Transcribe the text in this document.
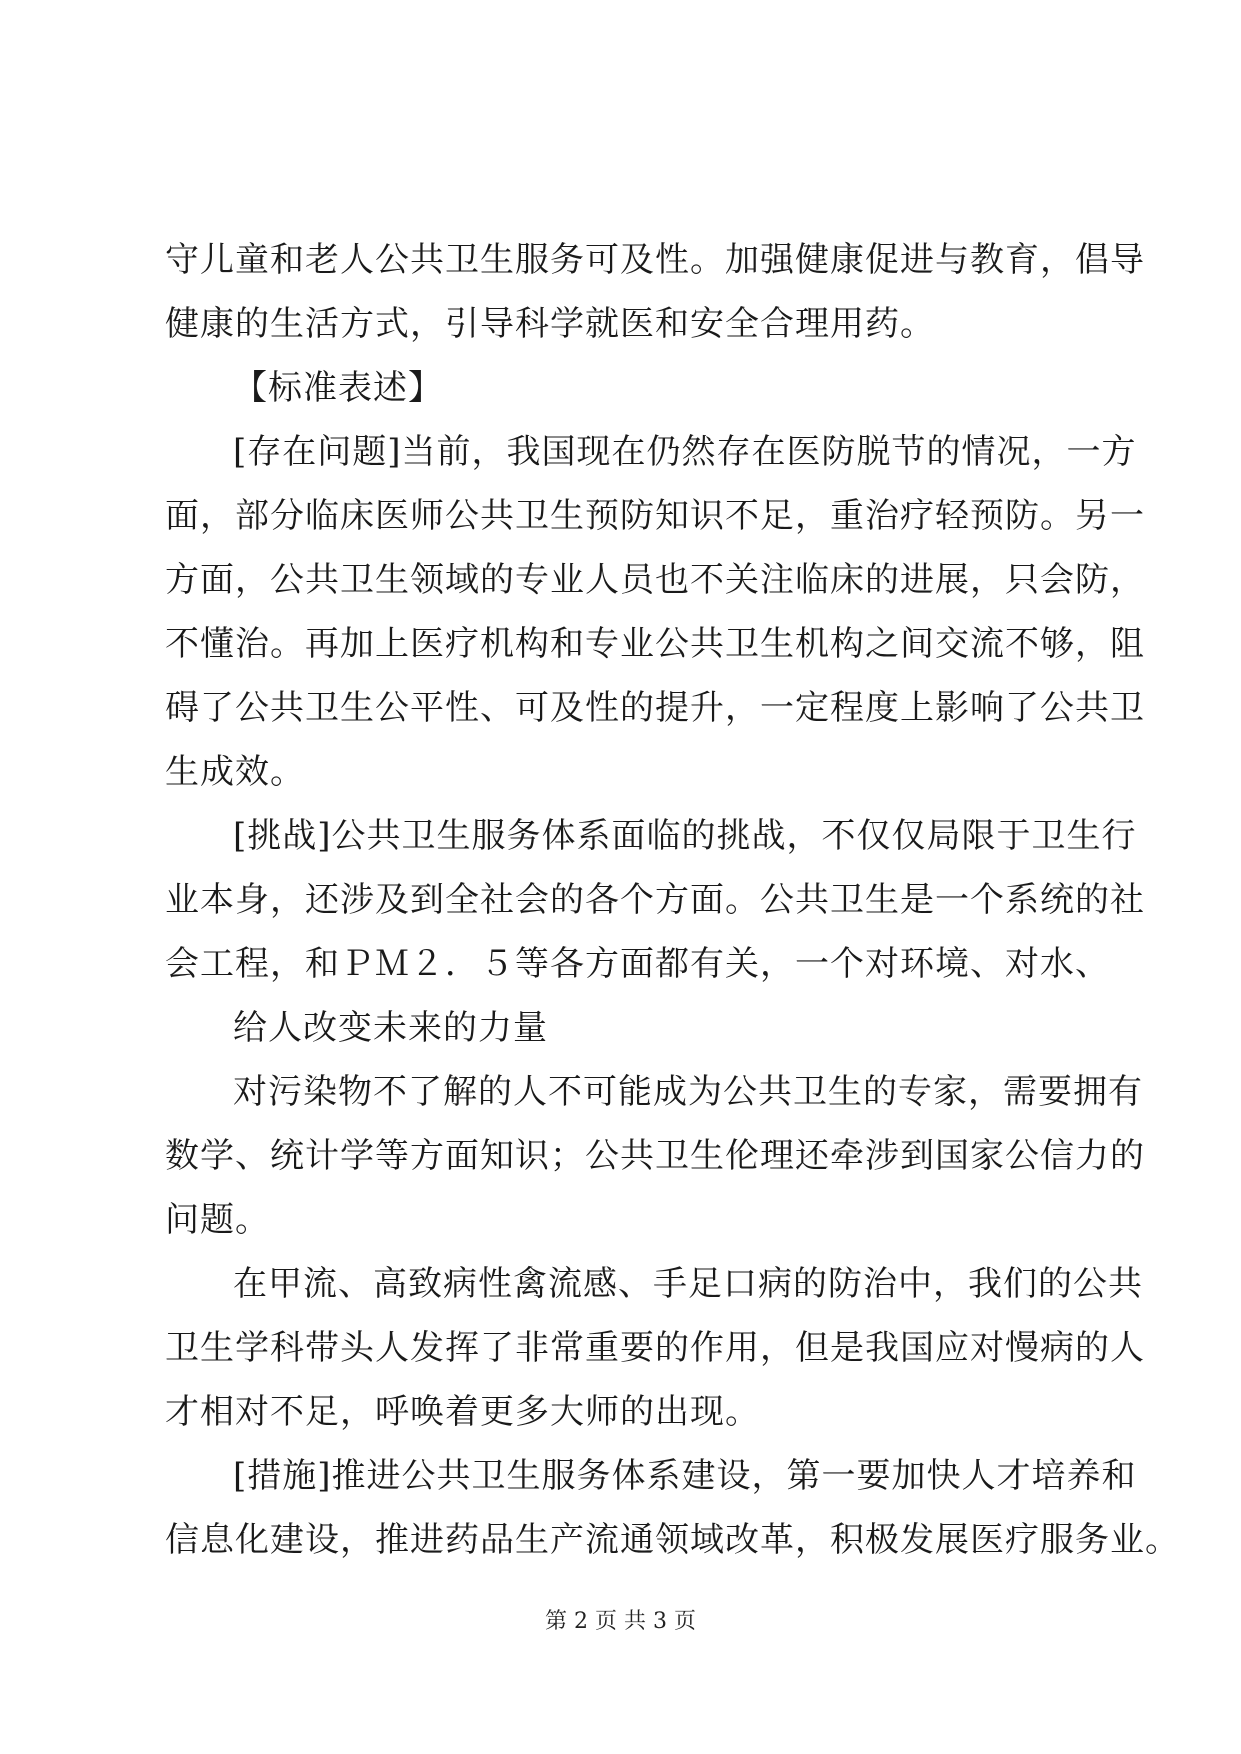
守儿童和老人公共卫生服务可及性。加强健康促进与教育，倡导
健康的生活方式，引导科学就医和安全合理用药。
【标准表述】
[存在问题]当前，我国现在仍然存在医防脱节的情况，一方
面，部分临床医师公共卫生预防知识不足，重治疗轻预防。另一
方面，公共卫生领域的专业人员也不关注临床的进展，只会防，
不懂治。再加上医疗机构和专业公共卫生机构之间交流不够，阻
碍了公共卫生公平性、可及性的提升，一定程度上影响了公共卫
生成效。
[挑战]公共卫生服务体系面临的挑战，不仅仅局限于卫生行
业本身，还涉及到全社会的各个方面。公共卫生是一个系统的社
会工程，和ＰＭ２．５等各方面都有关，一个对环境、对水、
给人改变未来的力量
对污染物不了解的人不可能成为公共卫生的专家，需要拥有
数学、统计学等方面知识；公共卫生伦理还牵涉到国家公信力的
问题。
在甲流、高致病性禽流感、手足口病的防治中，我们的公共
卫生学科带头人发挥了非常重要的作用，但是我国应对慢病的人
才相对不足，呼唤着更多大师的出现。
[措施]推进公共卫生服务体系建设，第一要加快人才培养和
信息化建设，推进药品生产流通领域改革，积极发展医疗服务业。
第 2 页 共 3 页
